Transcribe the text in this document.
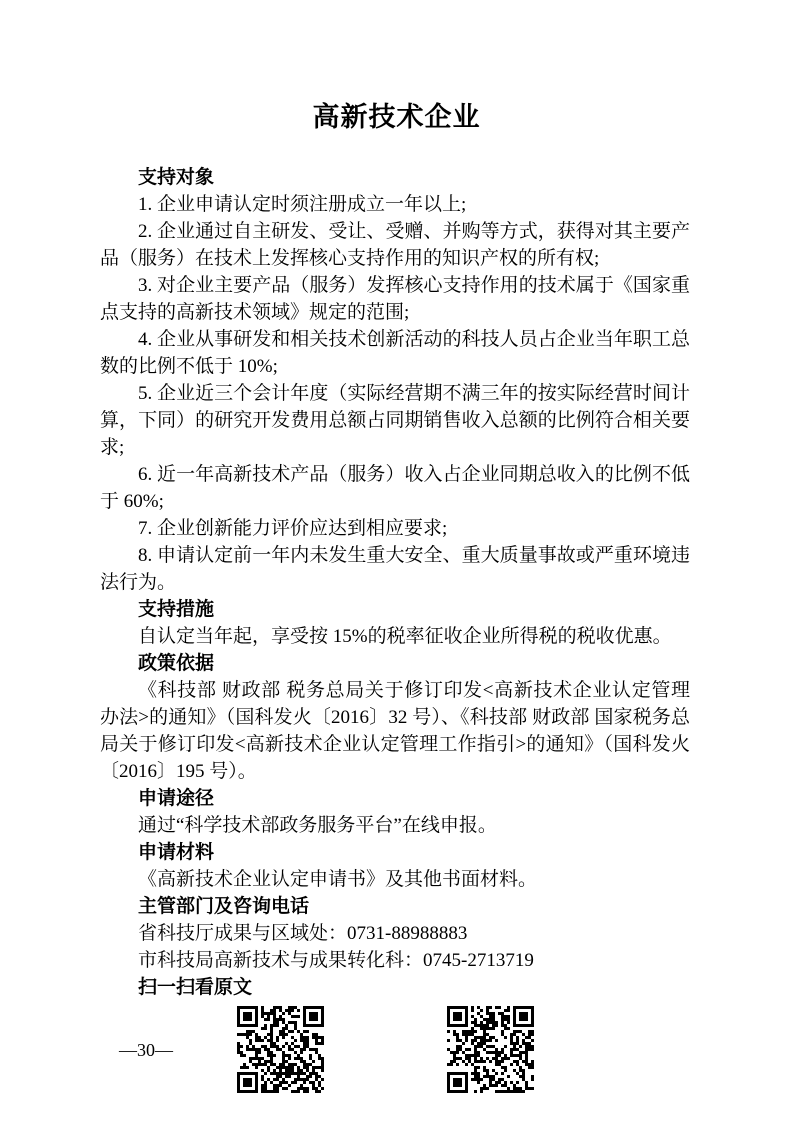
高新技术企业
支持对象

1. 企业申请认定时须注册成立一年以上;

2. 企业通过自主研发、受让、受赠、并购等方式，获得对其主要产品（服务）在技术上发挥核心支持作用的知识产权的所有权;

3. 对企业主要产品（服务）发挥核心支持作用的技术属于《国家重点支持的高新技术领域》规定的范围;

4. 企业从事研发和相关技术创新活动的科技人员占企业当年职工总数的比例不低于 10%;

5. 企业近三个会计年度（实际经营期不满三年的按实际经营时间计算，下同）的研究开发费用总额占同期销售收入总额的比例符合相关要求;

6. 近一年高新技术产品（服务）收入占企业同期总收入的比例不低于 60%;

7. 企业创新能力评价应达到相应要求;

8. 申请认定前一年内未发生重大安全、重大质量事故或严重环境违法行为。

支持措施

自认定当年起，享受按 15%的税率征收企业所得税的税收优惠。

政策依据

《科技部 财政部 税务总局关于修订印发<高新技术企业认定管理办法>的通知》（国科发火〔2016〕32 号）、《科技部 财政部 国家税务总局关于修订印发<高新技术企业认定管理工作指引>的通知》（国科发火〔2016〕195 号）。

申请途径

通过“科学技术部政务服务平台”在线申报。

申请材料

《高新技术企业认定申请书》及其他书面材料。

主管部门及咨询电话

省科技厅成果与区域处：0731-88988883

市科技局高新技术与成果转化科：0745-2713719

扫一扫看原文
—30—
